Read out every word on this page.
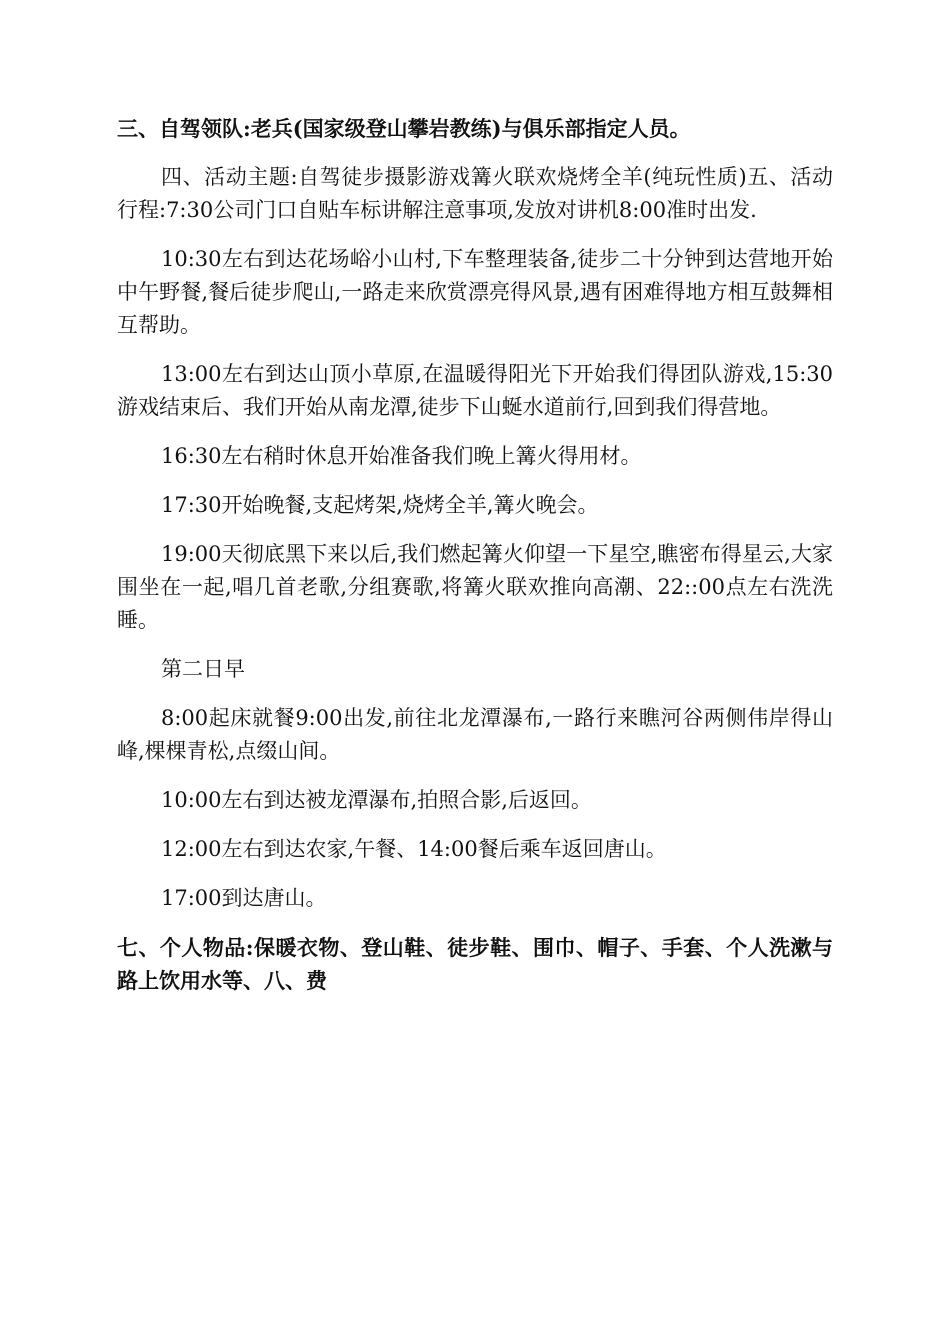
三、自驾领队:老兵(国家级登山攀岩教练)与俱乐部指定人员。

四、活动主题:自驾徒步摄影游戏篝火联欢烧烤全羊(纯玩性质)五、活动行程:7:30公司门口自贴车标讲解注意事项,发放对讲机8:00准时出发.

10:30左右到达花场峪小山村,下车整理装备,徒步二十分钟到达营地开始中午野餐,餐后徒步爬山,一路走来欣赏漂亮得风景,遇有困难得地方相互鼓舞相互帮助。

13:00左右到达山顶小草原,在温暖得阳光下开始我们得团队游戏,15:30游戏结束后、我们开始从南龙潭,徒步下山蜒水道前行,回到我们得营地。

16:30左右稍时休息开始准备我们晚上篝火得用材。

17:30开始晚餐,支起烤架,烧烤全羊,篝火晚会。

19:00天彻底黑下来以后,我们燃起篝火仰望一下星空,瞧密布得星云,大家围坐在一起,唱几首老歌,分组赛歌,将篝火联欢推向高潮、22::00点左右洗洗睡。

第二日早

8:00起床就餐9:00出发,前往北龙潭瀑布,一路行来瞧河谷两侧伟岸得山峰,棵棵青松,点缀山间。

10:00左右到达被龙潭瀑布,拍照合影,后返回。

12:00左右到达农家,午餐、14:00餐后乘车返回唐山。

17:00到达唐山。

七、个人物品:保暖衣物、登山鞋、徒步鞋、围巾、帽子、手套、个人洗漱与路上饮用水等、八、费
